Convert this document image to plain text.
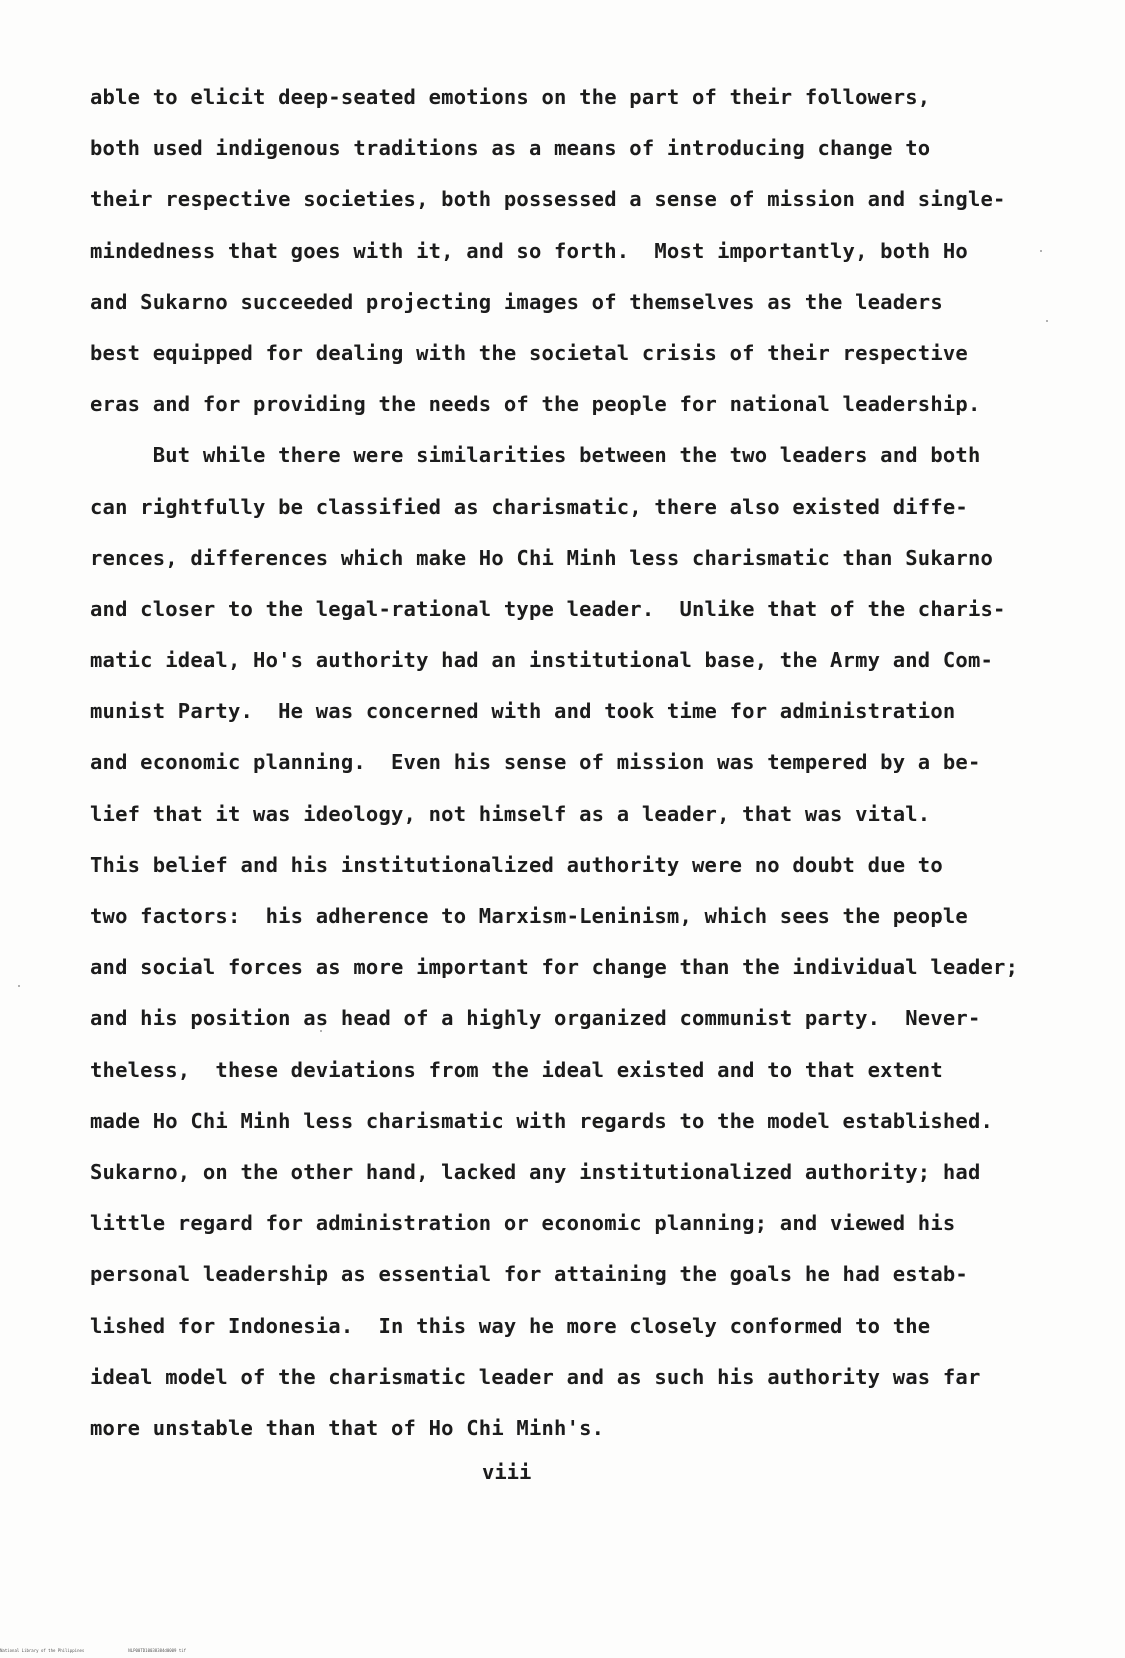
able to elicit deep-seated emotions on the part of their followers,
both used indigenous traditions as a means of introducing change to
their respective societies, both possessed a sense of mission and single-
mindedness that goes with it, and so forth.  Most importantly, both Ho
and Sukarno succeeded projecting images of themselves as the leaders
best equipped for dealing with the societal crisis of their respective
eras and for providing the needs of the people for national leadership.
But while there were similarities between the two leaders and both
can rightfully be classified as charismatic, there also existed diffe-
rences, differences which make Ho Chi Minh less charismatic than Sukarno
and closer to the legal-rational type leader.  Unlike that of the charis-
matic ideal, Ho's authority had an institutional base, the Army and Com-
munist Party.  He was concerned with and took time for administration
and economic planning.  Even his sense of mission was tempered by a be-
lief that it was ideology, not himself as a leader, that was vital.
This belief and his institutionalized authority were no doubt due to
two factors:  his adherence to Marxism-Leninism, which sees the people
and social forces as more important for change than the individual leader;
and his position as head of a highly organized communist party.  Never-
theless,  these deviations from the ideal existed and to that extent
made Ho Chi Minh less charismatic with regards to the model established.
Sukarno, on the other hand, lacked any institutionalized authority; had
little regard for administration or economic planning; and viewed his
personal leadership as essential for attaining the goals he had estab-
lished for Indonesia.  In this way he more closely conformed to the
ideal model of the charismatic leader and as such his authority was far
more unstable than that of Ho Chi Minh's.
viii
National Library of the Philippines	NLP00TD10038384d0009 tif
